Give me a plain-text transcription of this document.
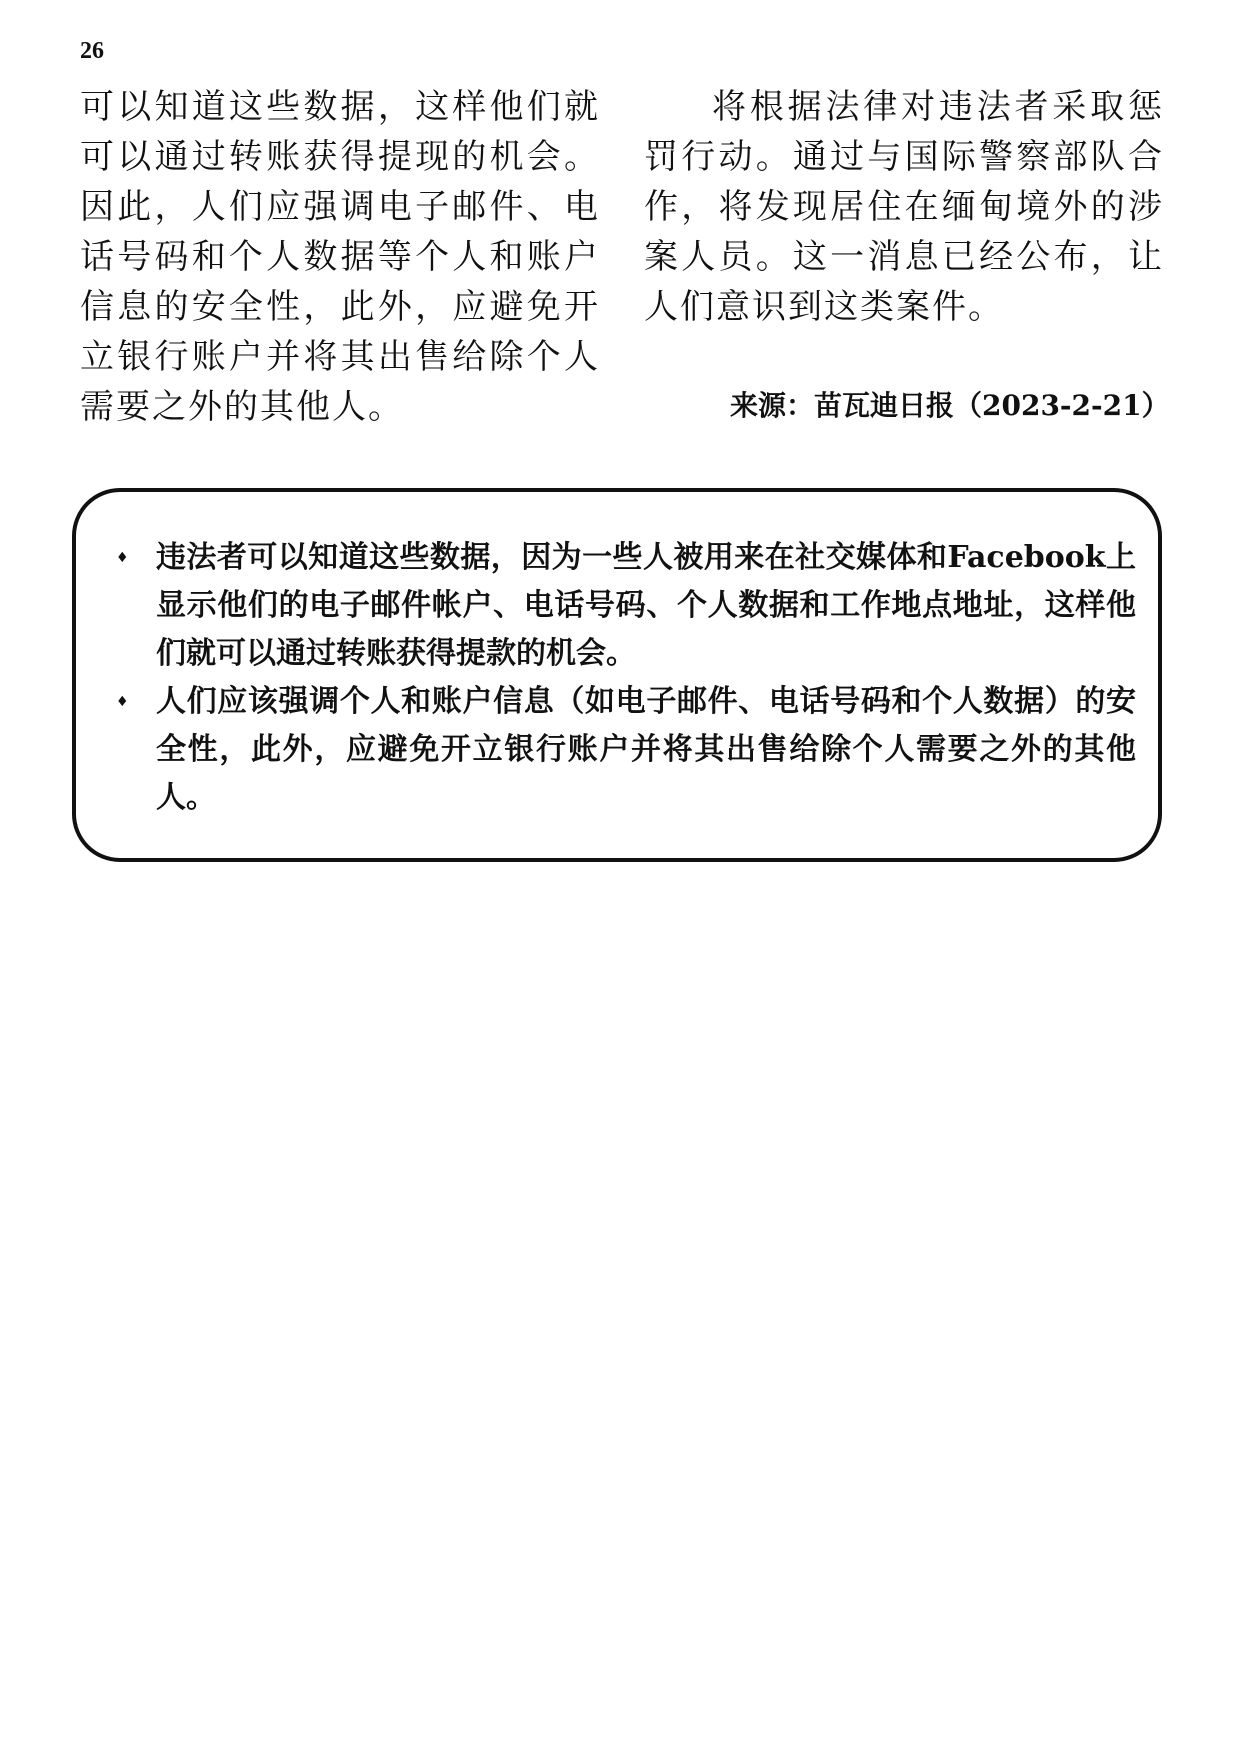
26
可以知道这些数据，这样他们就可以通过转账获得提现的机会。因此，人们应强调电子邮件、电话号码和个人数据等个人和账户信息的安全性，此外，应避免开立银行账户并将其出售给除个人需要之外的其他人。
将根据法律对违法者采取惩罚行动。通过与国际警察部队合作，将发现居住在缅甸境外的涉案人员。这一消息已经公布，让人们意识到这类案件。
来源：苗瓦迪日报（2023-2-21）
♦ 违法者可以知道这些数据，因为一些人被用来在社交媒体和Facebook上显示他们的电子邮件帐户、电话号码、个人数据和工作地点地址，这样他们就可以通过转账获得提款的机会。
♦ 人们应该强调个人和账户信息（如电子邮件、电话号码和个人数据）的安全性，此外，应避免开立银行账户并将其出售给除个人需要之外的其他人。
